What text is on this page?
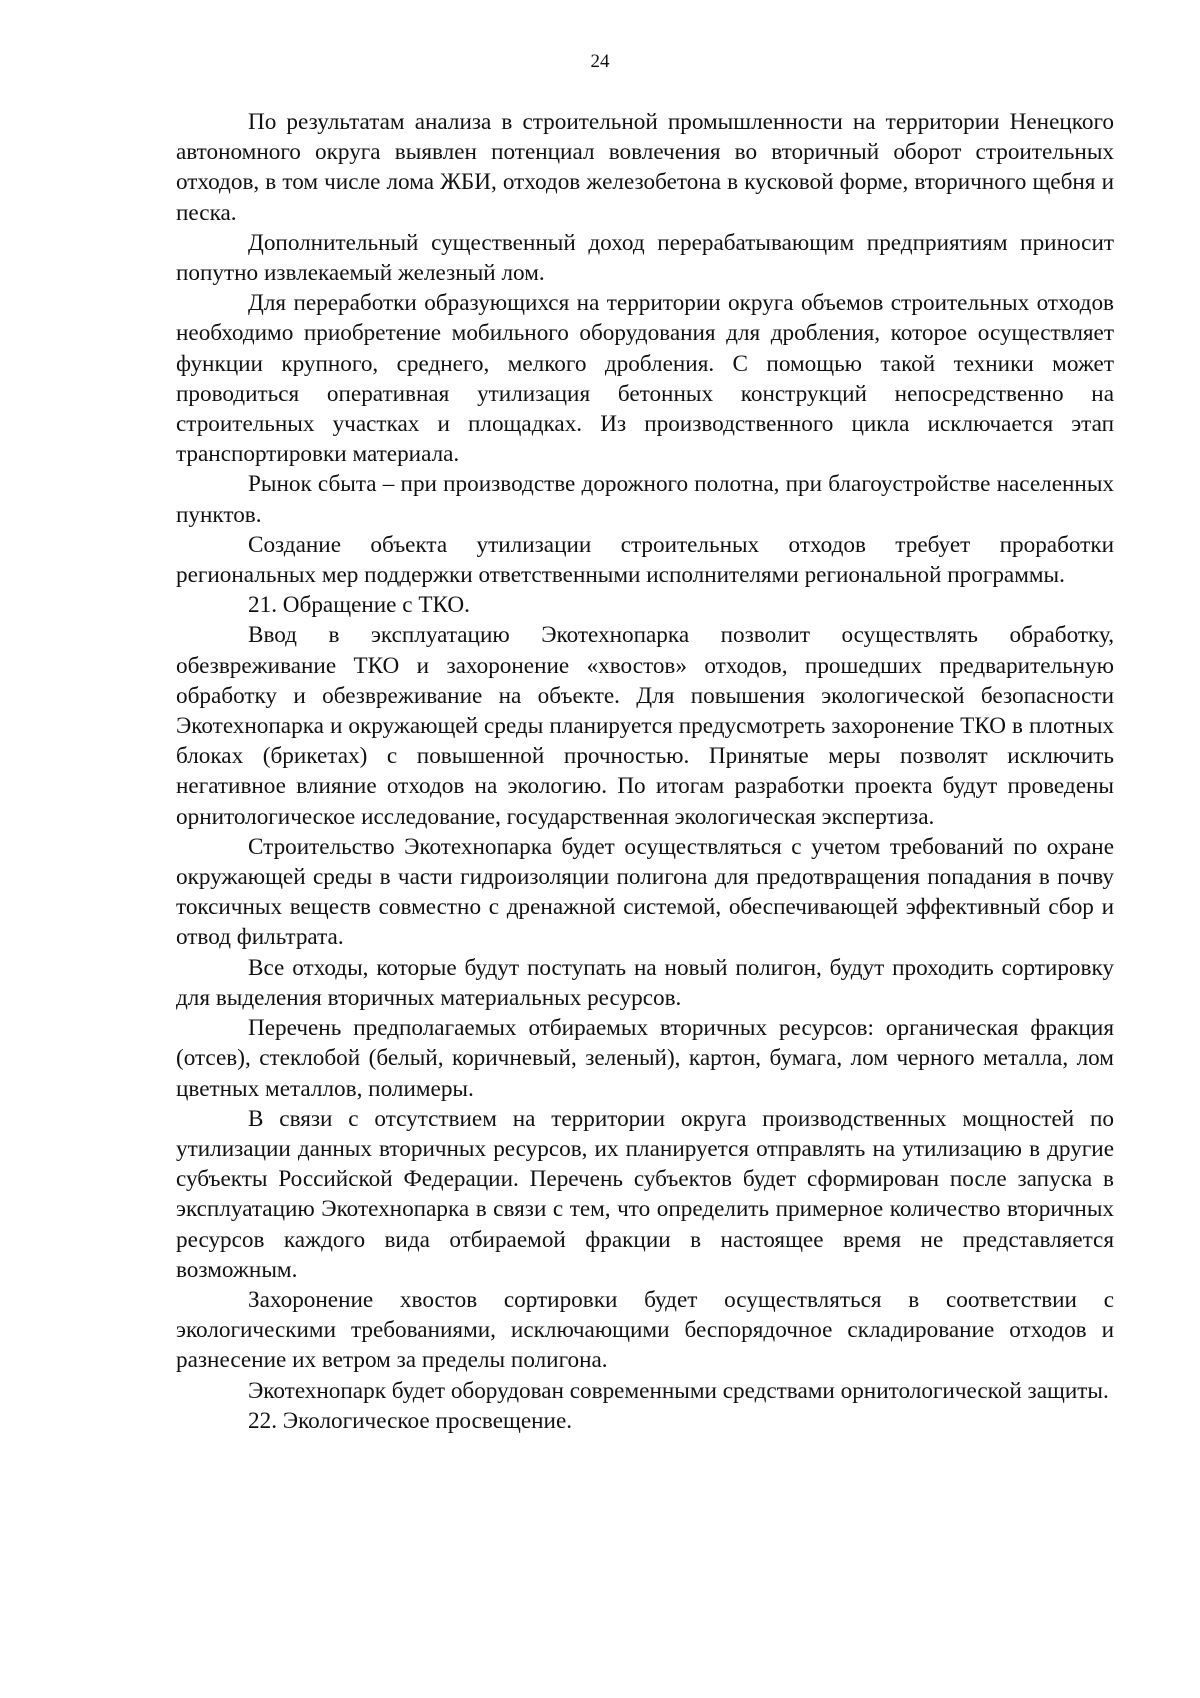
24

По результатам анализа в строительной промышленности на территории Ненецкого автономного округа выявлен потенциал вовлечения во вторичный оборот строительных отходов, в том числе лома ЖБИ, отходов железобетона в кусковой форме, вторичного щебня и песка.

Дополнительный существенный доход перерабатывающим предприятиям приносит попутно извлекаемый железный лом.

Для переработки образующихся на территории округа объемов строительных отходов необходимо приобретение мобильного оборудования для дробления, которое осуществляет функции крупного, среднего, мелкого дробления. С помощью такой техники может проводиться оперативная утилизация бетонных конструкций непосредственно на строительных участках и площадках. Из производственного цикла исключается этап транспортировки материала.

Рынок сбыта – при производстве дорожного полотна, при благоустройстве населенных пунктов.

Создание объекта утилизации строительных отходов требует проработки региональных мер поддержки ответственными исполнителями региональной программы.

21. Обращение с ТКО.

Ввод в эксплуатацию Экотехнопарка позволит осуществлять обработку, обезвреживание ТКО и захоронение «хвостов» отходов, прошедших предварительную обработку и обезвреживание на объекте. Для повышения экологической безопасности Экотехнопарка и окружающей среды планируется предусмотреть захоронение ТКО в плотных блоках (брикетах) с повышенной прочностью. Принятые меры позволят исключить негативное влияние отходов на экологию. По итогам разработки проекта будут проведены орнитологическое исследование, государственная экологическая экспертиза.

Строительство Экотехнопарка будет осуществляться с учетом требований по охране окружающей среды в части гидроизоляции полигона для предотвращения попадания в почву токсичных веществ совместно с дренажной системой, обеспечивающей эффективный сбор и отвод фильтрата.

Все отходы, которые будут поступать на новый полигон, будут проходить сортировку для выделения вторичных материальных ресурсов.

Перечень предполагаемых отбираемых вторичных ресурсов: органическая фракция (отсев), стеклобой (белый, коричневый, зеленый), картон, бумага, лом черного металла, лом цветных металлов, полимеры.

В связи с отсутствием на территории округа производственных мощностей по утилизации данных вторичных ресурсов, их планируется отправлять на утилизацию в другие субъекты Российской Федерации. Перечень субъектов будет сформирован после запуска в эксплуатацию Экотехнопарка в связи с тем, что определить примерное количество вторичных ресурсов каждого вида отбираемой фракции в настоящее время не представляется возможным.

Захоронение хвостов сортировки будет осуществляться в соответствии с экологическими требованиями, исключающими беспорядочное складирование отходов и разнесение их ветром за пределы полигона.

Экотехнопарк будет оборудован современными средствами орнитологической защиты.

22. Экологическое просвещение.
